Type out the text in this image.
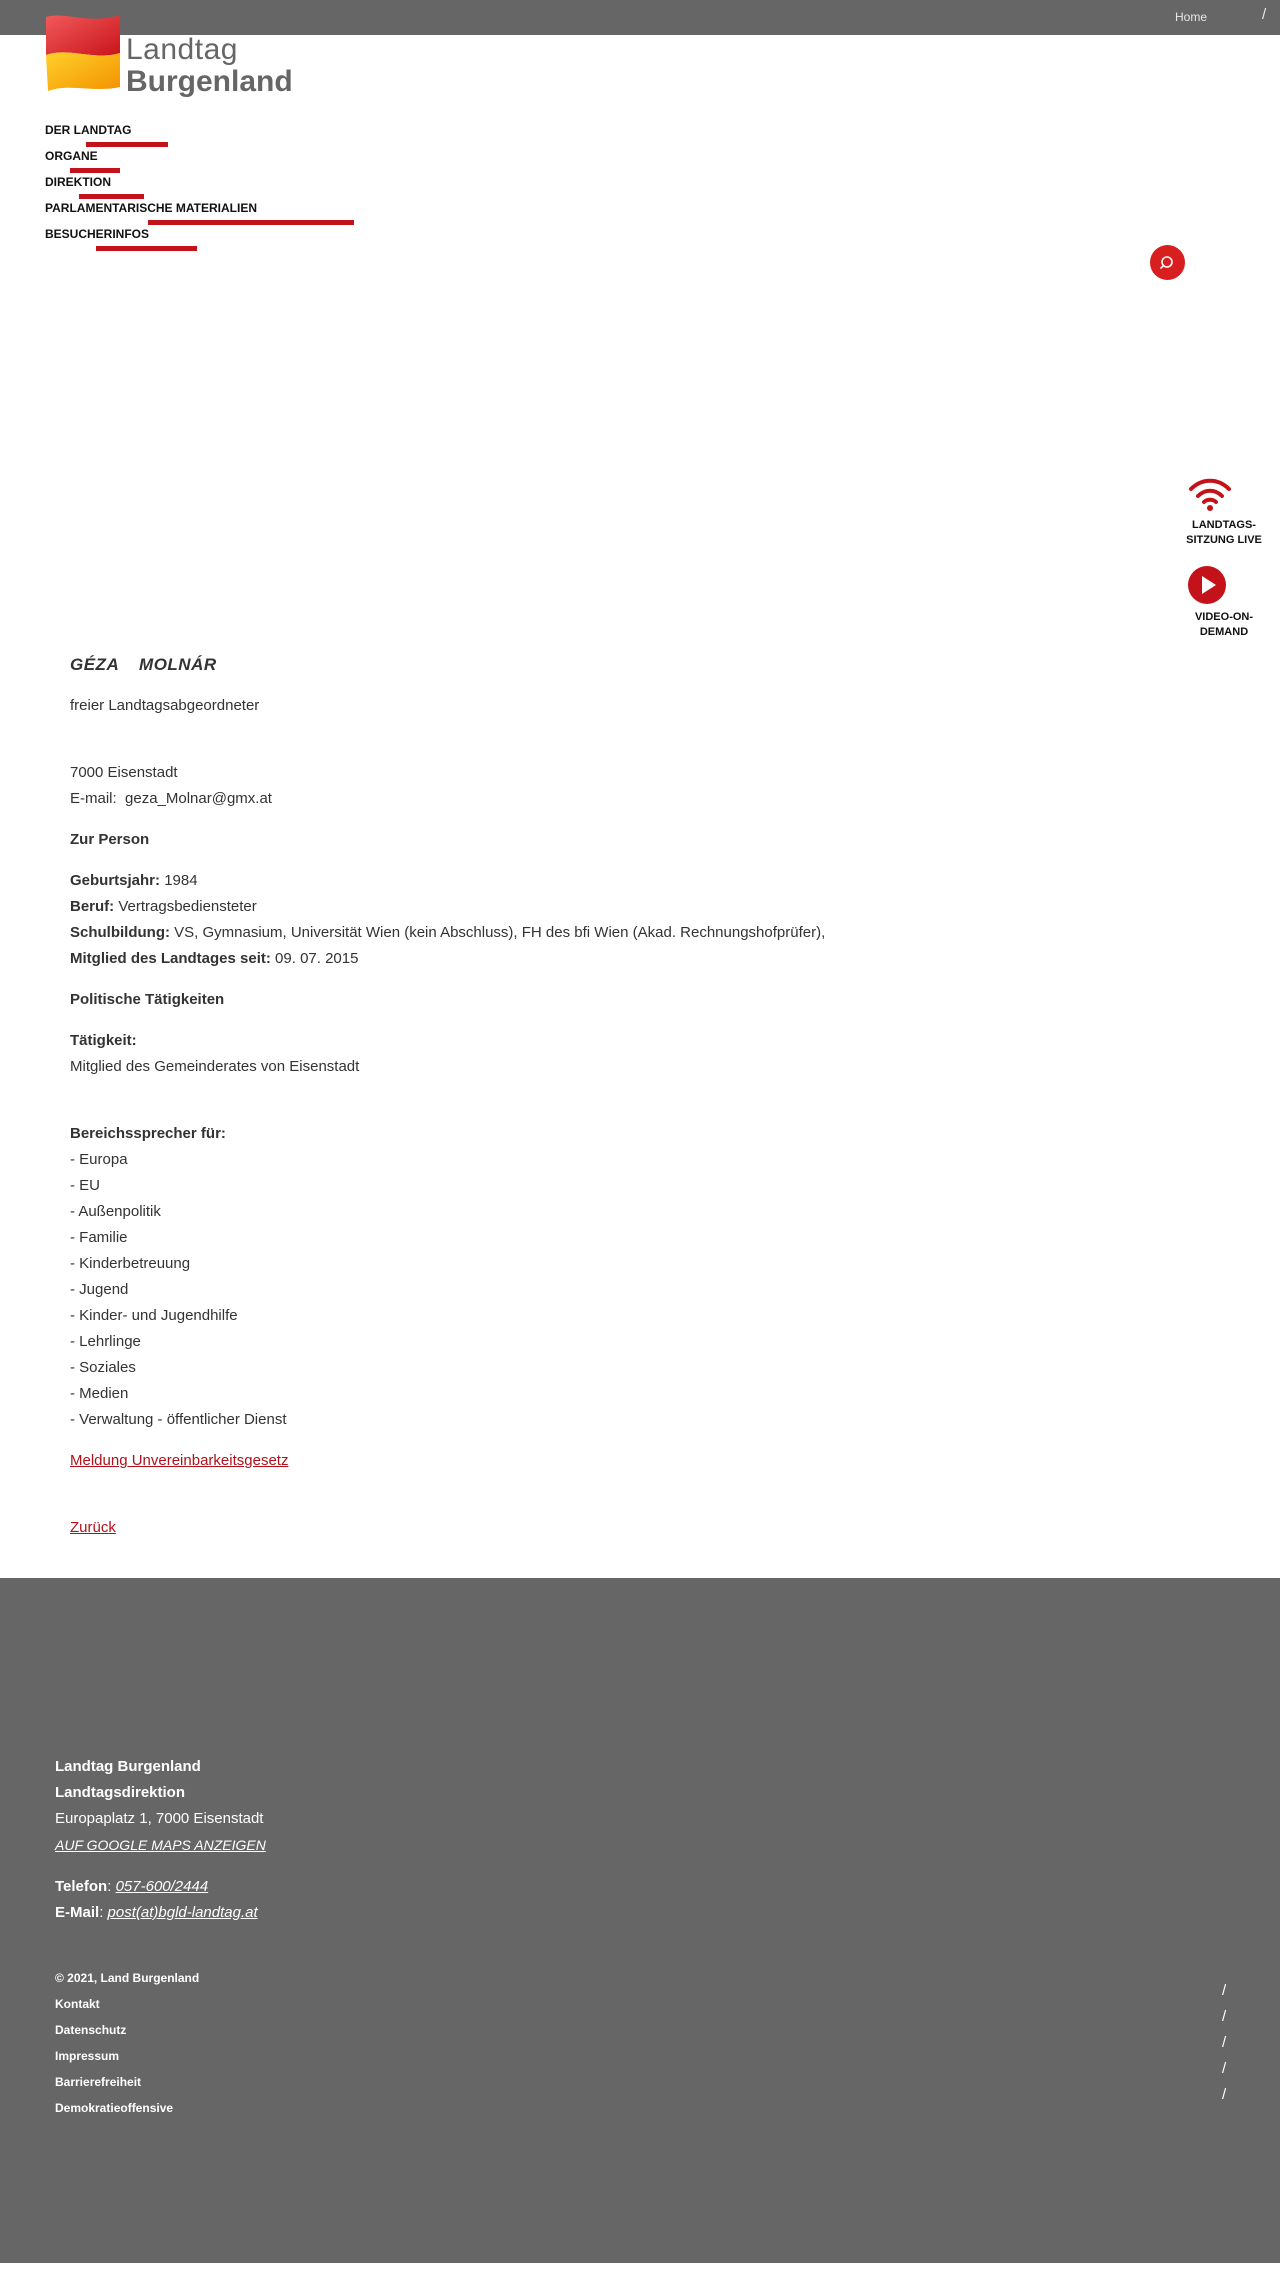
Home	/
Landtag
Burgenland
DER LANDTAG
ORGANE
DIREKTION
PARLAMENTARISCHE MATERIALIEN
BESUCHERINFOS
LANDTAGS-SITZUNG LIVE
VIDEO-ON-DEMAND
GÉZA  MOLNÁR
freier Landtagsabgeordneter
7000 Eisenstadt
E-mail: geza_Molnar@gmx.at
Zur Person
Geburtsjahr: 1984
Beruf: Vertragsbediensteter
Schulbildung: VS, Gymnasium, Universität Wien (kein Abschluss), FH des bfi Wien (Akad. Rechnungshofprüfer),
Mitglied des Landtages seit: 09. 07. 2015
Politische Tätigkeiten
Tätigkeit:
Mitglied des Gemeinderates von Eisenstadt
Bereichssprecher für:
- Europa
- EU
- Außenpolitik
- Familie
- Kinderbetreuung
- Jugend
- Kinder- und Jugendhilfe
- Lehrlinge
- Soziales
- Medien
- Verwaltung - öffentlicher Dienst
Meldung Unvereinbarkeitsgesetz
Zurück
Landtag Burgenland
Landtagsdirektion
Europaplatz 1, 7000 Eisenstadt
AUF GOOGLE MAPS ANZEIGEN
Telefon: 057-600/2444
E-Mail: post(at)bgld-landtag.at
© 2021, Land Burgenland
Kontakt
Datenschutz
Impressum
Barrierefreiheit
Demokratieoffensive
/
/
/
/
/
